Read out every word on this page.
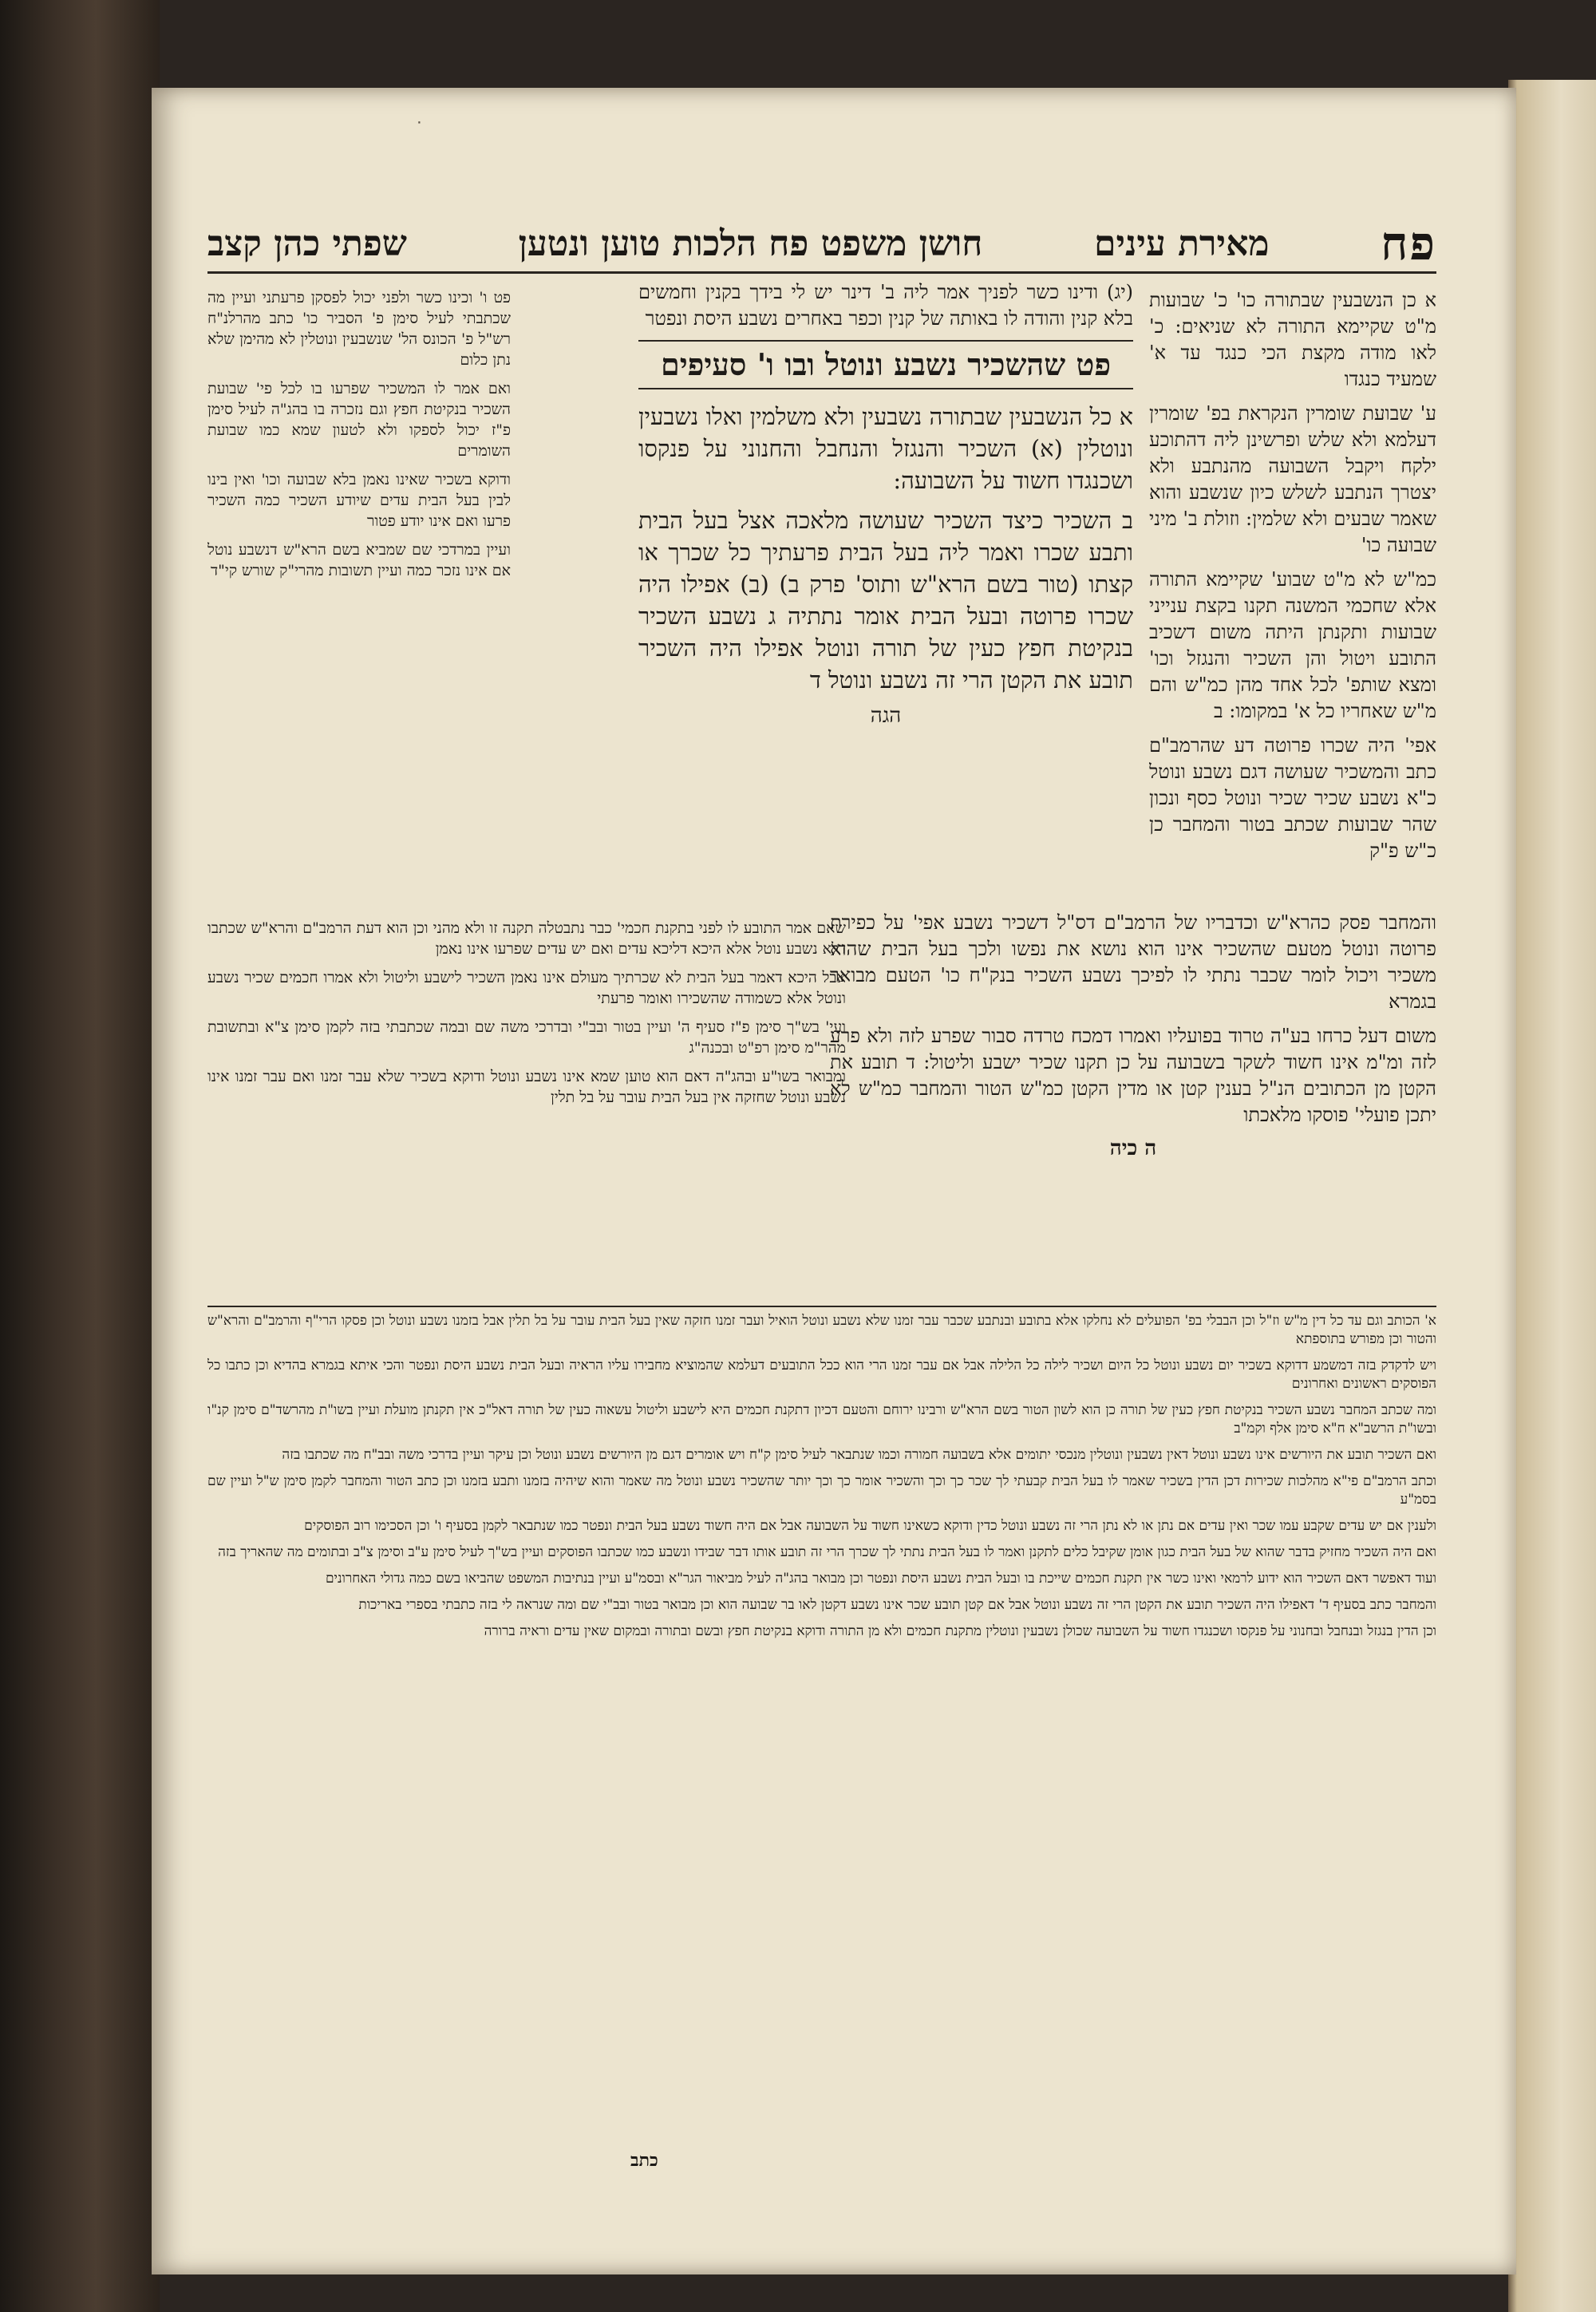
۰
פח
מאירת עינים
חושן משפט פח הלכות טוען ונטען
שפתי כהן קצב

א כן הנשבעין שבתורה כו' כ' שבועות מ"ט שקיימא התורה לא שניאים: כ' לאו מודה מקצת הכי כנגד עד א' שמעיד כנגדו

ע' שבועת שומרין הנקראת בפ' שומרין דעלמא ולא שלש ופרשינן ליה דהתוכע ילקח ויקבל השבועה מהנתבע ולא יצטרך הנתבע לשלש כיון שנשבע והוא שאמר שבעים ולא שלמין: וזולת ב' מיני שבועה כו'

כמ"ש לא מ"ט שבוע' שקיימא התורה אלא שחכמי המשנה תקנו בקצת ענייני שבועות ותקנתן היתה משום דשכיב התובע ויטול והן השכיר והנגזל וכו' ומצא שותפ' לכל אחד מהן כמ"ש והם מ"ש שאחריו כל א' במקומו: ב

אפי' היה שכרו פרוטה דע שהרמב"ם כתב והמשכיר שעושה דגם נשבע ונוטל כ"א נשבע שכיר שכיר ונוטל כסף ונכון שהר שבועות שכתב בטור והמחבר כן כ"ש פ"ק

(יג) ודינו כשר לפניך אמר ליה ב' דינר יש לי בידך בקנין וחמשים בלא קנין והודה לו באותה של קנין וכפר באחרים נשבע היסת ונפטר

פט שהשכיר נשבע ונוטל ובו ו' סעיפים

א כל הנשבעין שבתורה נשבעין ולא משלמין ואלו נשבעין ונוטלין (א) השכיר והנגזל והנחבל והחנוני על פנקסו ושכנגדו חשוד על השבועה:

ב השכיר כיצד השכיר שעושה מלאכה אצל בעל הבית ותבע שכרו ואמר ליה בעל הבית פרעתיך כל שכרך או קצתו (טור בשם הרא"ש ותוס' פרק ב) (ב) אפילו היה שכרו פרוטה ובעל הבית אומר נתתיה ג נשבע השכיר בנקיטת חפץ כעין של תורה ונוטל אפילו היה השכיר תובע את הקטן הרי זה נשבע ונוטל ד

הגה

פט ו' וכינו כשר ולפני יכול לפסקן פרעתני ועיין מה שכתבתי לעיל סימן פ' הסביר כו' כתב מהרלנ"ח רש"ל פ' הכונס הל' שנשבעין ונוטלין לא מהימן שלא נתן כלום

ואם אמר לו המשכיר שפרעו בו לכל פי' שבועת השכיר בנקיטת חפץ וגם נזכרה בו בהג"ה לעיל סימן פ"ז יכול לספקו ולא לטעון שמא כמו שבועת השומרים

ודוקא בשכיר שאינו נאמן בלא שבועה וכו' ואין בינו לבין בעל הבית עדים שיודע השכיר כמה השכיר פרעו ואם אינו יודע פטור

ועיין במרדכי שם שמביא בשם הרא"ש דנשבע נוטל אם אינו נזכר כמה ועיין תשובות מהרי"ק שורש קי"ד

והמחבר פסק כהרא"ש וכדבריו של הרמב"ם דס"ל דשכיר נשבע אפי' על כפירת פרוטה ונוטל מטעם שהשכיר אינו הוא נושא את נפשו ולכך בעל הבית שהוא משכיר ויכול לומר שכבר נתתי לו לפיכך נשבע השכיר בנק"ח כו' הטעם מבואר בגמרא

משום דעל כרחו בע"ה טרוד בפועליו ואמרו דמכח טרדה סבור שפרע לזה ולא פרע לזה ומ"מ אינו חשוד לשקר בשבועה על כן תקנו שכיר ישבע וליטול: ד תובע את הקטן מן הכתובים הנ"ל בענין קטן או מדין הקטן כמ"ש הטור והמחבר כמ"ש לא יתכן פועלי' פוסקו מלאכתו

ה כיה

שאם אמר התובע לו לפני בתקנת חכמי' כבר נתבטלה תקנה זו ולא מהני וכן הוא דעת הרמב"ם והרא"ש שכתבו דלא נשבע נוטל אלא היכא דליכא עדים ואם יש עדים שפרעו אינו נאמן

אבל היכא דאמר בעל הבית לא שכרתיך מעולם אינו נאמן השכיר לישבע וליטול ולא אמרו חכמים שכיר נשבע ונוטל אלא כשמודה שהשכירו ואומר פרעתי

ועי' בש"ך סימן פ"ז סעיף ה' ועיין בטור ובב"י ובדרכי משה שם ובמה שכתבתי בזה לקמן סימן צ"א ובתשובת מהר"מ סימן רפ"ט ובכנה"ג

ומבואר בשו"ע ובהג"ה דאם הוא טוען שמא אינו נשבע ונוטל ודוקא בשכיר שלא עבר זמנו ואם עבר זמנו אינו נשבע ונוטל שחזקה אין בעל הבית עובר על בל תלין

א' הכותב וגם עד כל דין מ"ש וז"ל וכן הבבלי בפ' הפועלים לא נחלקו אלא בתובע ובנתבע שכבר עבר זמנו שלא נשבע ונוטל הואיל ועבר זמנו חזקה שאין בעל הבית עובר על בל תלין אבל בזמנו נשבע ונוטל וכן פסקו הרי"ף והרמב"ם והרא"ש והטור וכן מפורש בתוספתא

ויש לדקדק בזה דמשמע דדוקא בשכיר יום נשבע ונוטל כל היום ושכיר לילה כל הלילה אבל אם עבר זמנו הרי הוא ככל התובעים דעלמא שהמוציא מחבירו עליו הראיה ובעל הבית נשבע היסת ונפטר והכי איתא בגמרא בהדיא וכן כתבו כל הפוסקים ראשונים ואחרונים

ומה שכתב המחבר נשבע השכיר בנקיטת חפץ כעין של תורה כן הוא לשון הטור בשם הרא"ש ורבינו ירוחם והטעם דכיון דתקנת חכמים היא לישבע וליטול עשאוה כעין של תורה דאל"כ אין תקנתן מועלת ועיין בשו"ת מהרשד"ם סימן קנ"ו ובשו"ת הרשב"א ח"א סימן אלף וקמ"ב

ואם השכיר תובע את היורשים אינו נשבע ונוטל דאין נשבעין ונוטלין מנכסי יתומים אלא בשבועה חמורה וכמו שנתבאר לעיל סימן ק"ח ויש אומרים דגם מן היורשים נשבע ונוטל וכן עיקר ועיין בדרכי משה ובב"ח מה שכתבו בזה

וכתב הרמב"ם פי"א מהלכות שכירות דכן הדין בשכיר שאמר לו בעל הבית קבעתי לך שכר כך וכך והשכיר אומר כך וכך יותר שהשכיר נשבע ונוטל מה שאמר והוא שיהיה בזמנו ותבע בזמנו וכן כתב הטור והמחבר לקמן סימן ש"ל ועיין שם בסמ"ע

ולענין אם יש עדים שקבע עמו שכר ואין עדים אם נתן או לא נתן הרי זה נשבע ונוטל כדין ודוקא כשאינו חשוד על השבועה אבל אם היה חשוד נשבע בעל הבית ונפטר כמו שנתבאר לקמן בסעיף ו' וכן הסכימו רוב הפוסקים

ואם היה השכיר מחזיק בדבר שהוא של בעל הבית כגון אומן שקיבל כלים לתקנן ואמר לו בעל הבית נתתי לך שכרך הרי זה תובע אותו דבר שבידו ונשבע כמו שכתבו הפוסקים ועיין בש"ך לעיל סימן ע"ב וסימן צ"ב ובתומים מה שהאריך בזה

ועוד דאפשר דאם השכיר הוא ידוע לרמאי ואינו כשר אין תקנת חכמים שייכת בו ובעל הבית נשבע היסת ונפטר וכן מבואר בהג"ה לעיל מביאור הגר"א ובסמ"ע ועיין בנתיבות המשפט שהביאו בשם כמה גדולי האחרונים

והמחבר כתב בסעיף ד' דאפילו היה השכיר תובע את הקטן הרי זה נשבע ונוטל אבל אם קטן תובע שכר אינו נשבע דקטן לאו בר שבועה הוא וכן מבואר בטור ובב"י שם ומה שנראה לי בזה כתבתי בספרי באריכות

וכן הדין בנגזל ובנחבל ובחנוני על פנקסו ושכנגדו חשוד על השבועה שכולן נשבעין ונוטלין מתקנת חכמים ולא מן התורה ודוקא בנקיטת חפץ ובשם ובתורה ובמקום שאין עדים וראיה ברורה

כתב
